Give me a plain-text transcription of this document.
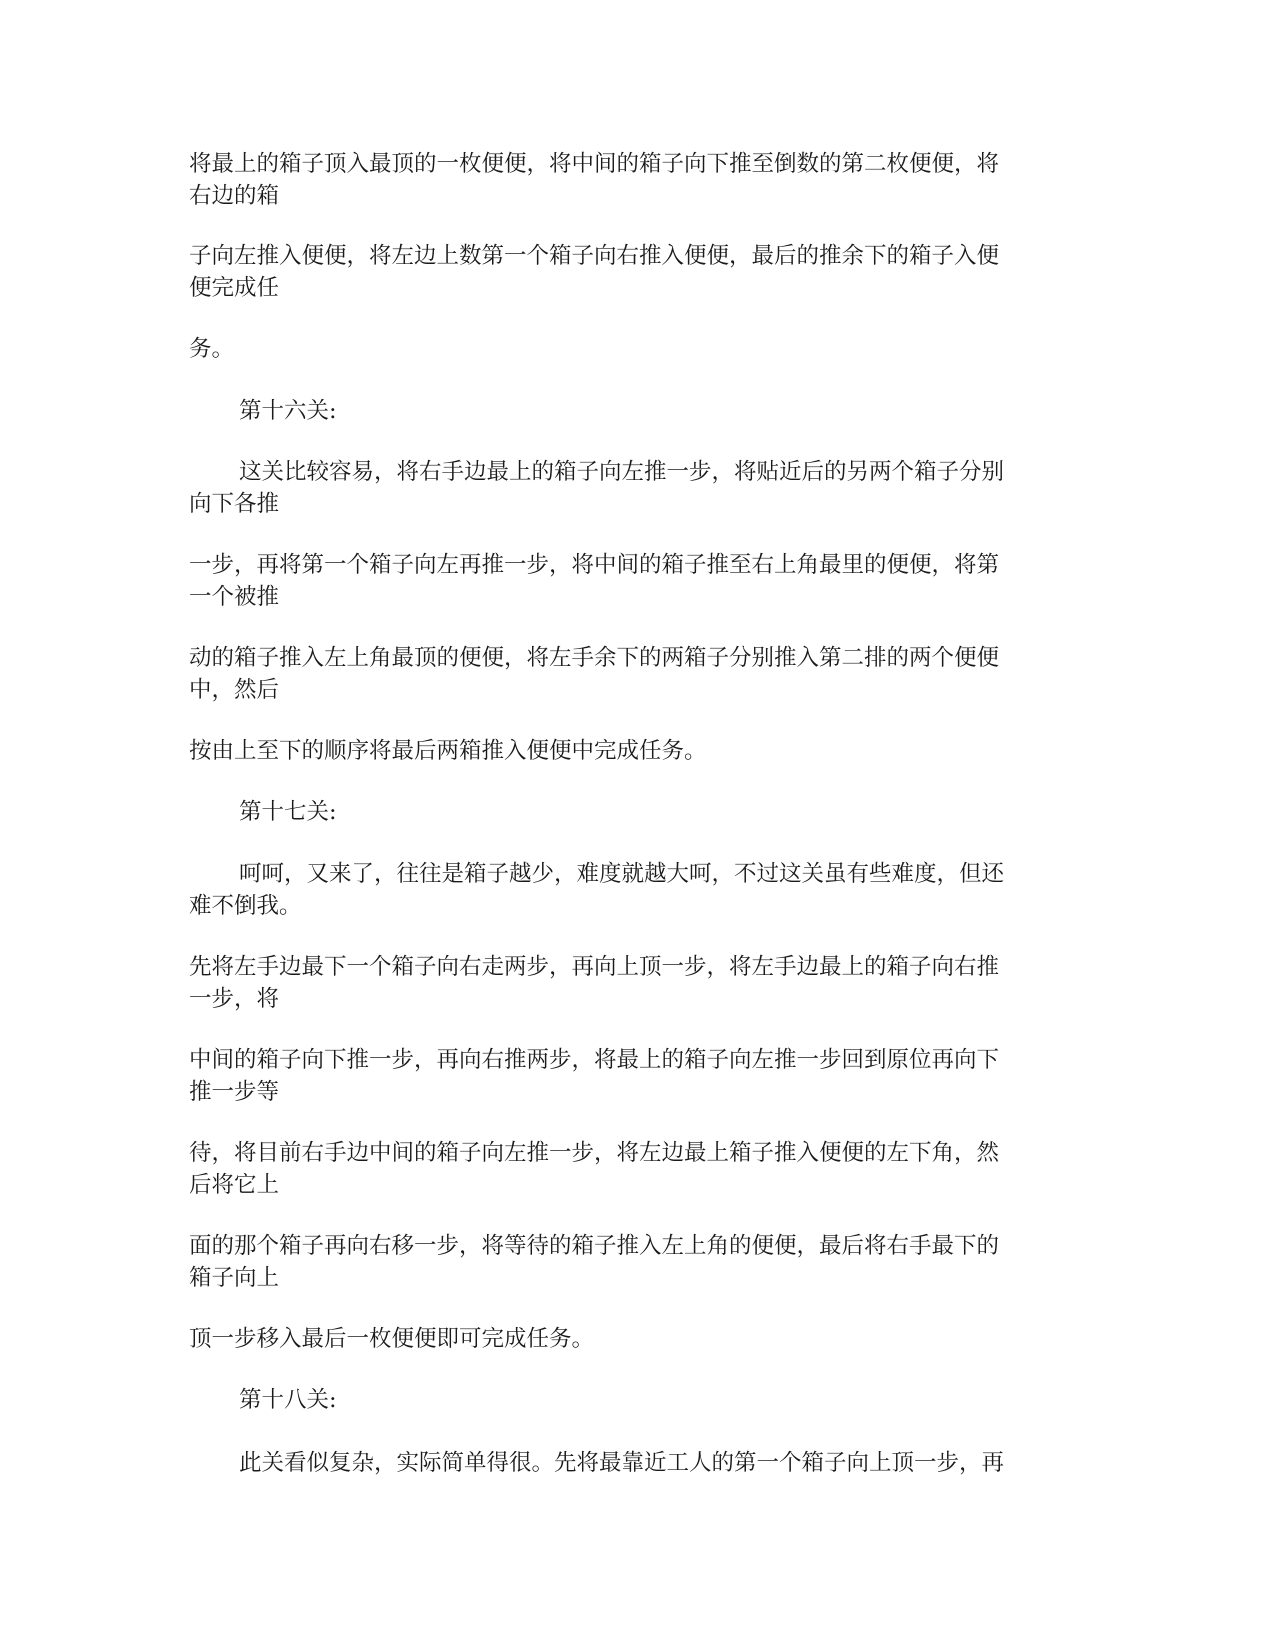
将最上的箱子顶入最顶的一枚便便，将中间的箱子向下推至倒数的第二枚便便，将
右边的箱

子向左推入便便，将左边上数第一个箱子向右推入便便，最后的推余下的箱子入便
便完成任

务。

第十六关:

这关比较容易，将右手边最上的箱子向左推一步，将贴近后的另两个箱子分别
向下各推

一步，再将第一个箱子向左再推一步，将中间的箱子推至右上角最里的便便，将第
一个被推

动的箱子推入左上角最顶的便便，将左手余下的两箱子分别推入第二排的两个便便
中，然后

按由上至下的顺序将最后两箱推入便便中完成任务。

第十七关:

呵呵，又来了，往往是箱子越少，难度就越大呵，不过这关虽有些难度，但还
难不倒我。

先将左手边最下一个箱子向右走两步，再向上顶一步，将左手边最上的箱子向右推
一步，将

中间的箱子向下推一步，再向右推两步，将最上的箱子向左推一步回到原位再向下
推一步等

待，将目前右手边中间的箱子向左推一步，将左边最上箱子推入便便的左下角，然
后将它上

面的那个箱子再向右移一步，将等待的箱子推入左上角的便便，最后将右手最下的
箱子向上

顶一步移入最后一枚便便即可完成任务。

第十八关:

此关看似复杂，实际简单得很。先将最靠近工人的第一个箱子向上顶一步，再
